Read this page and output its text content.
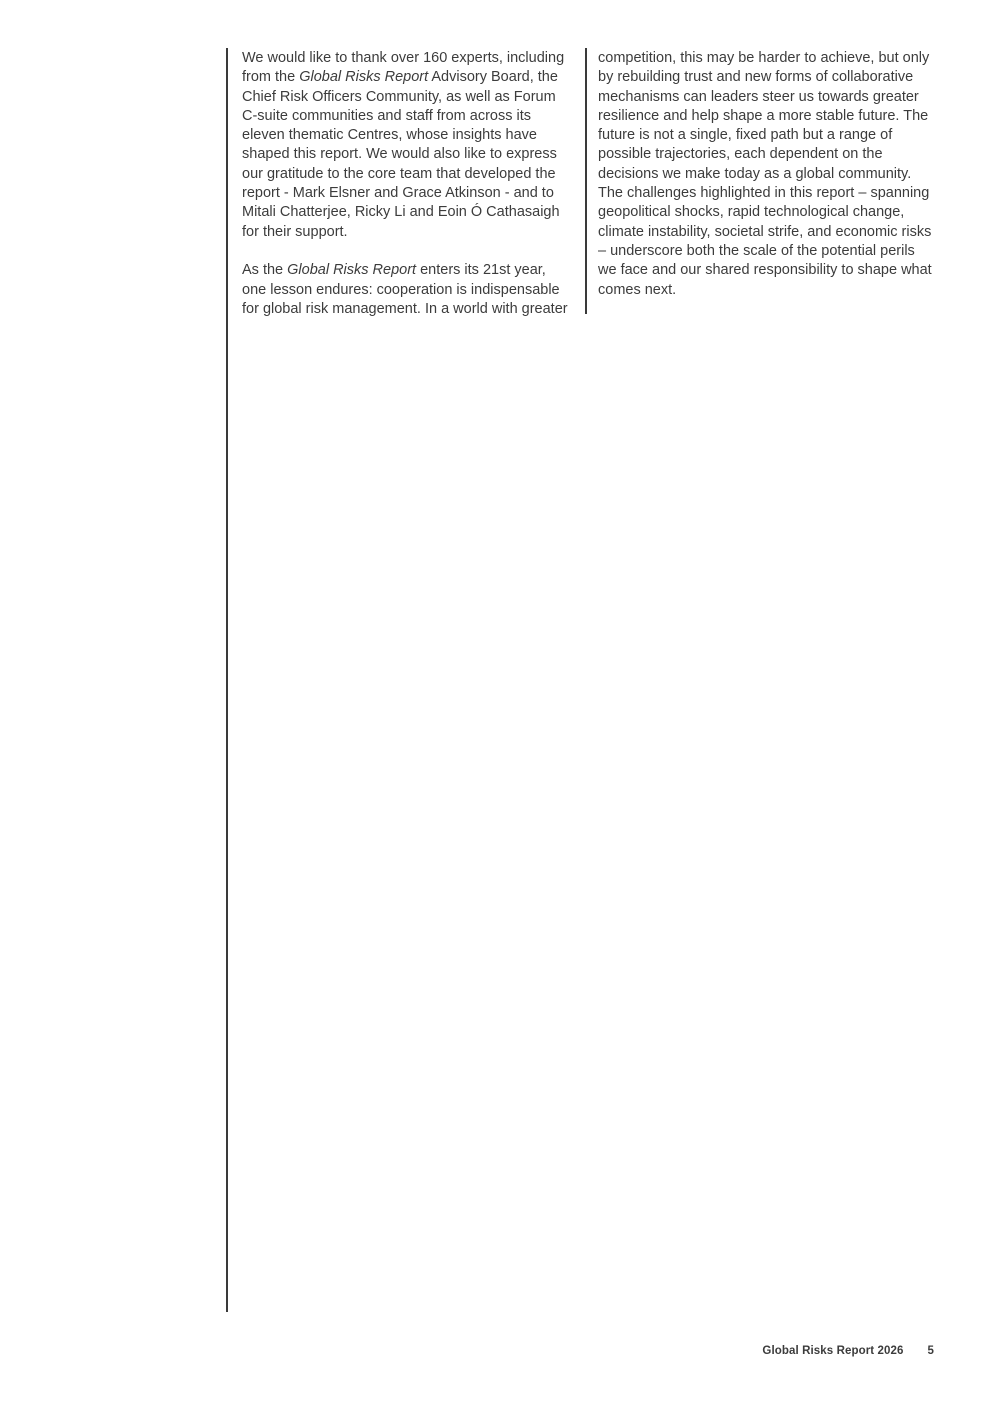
We would like to thank over 160 experts, including from the Global Risks Report Advisory Board, the Chief Risk Officers Community, as well as Forum C-suite communities and staff from across its eleven thematic Centres, whose insights have shaped this report. We would also like to express our gratitude to the core team that developed the report - Mark Elsner and Grace Atkinson - and to Mitali Chatterjee, Ricky Li and Eoin Ó Cathasaigh for their support.

As the Global Risks Report enters its 21st year, one lesson endures: cooperation is indispensable for global risk management. In a world with greater

competition, this may be harder to achieve, but only by rebuilding trust and new forms of collaborative mechanisms can leaders steer us towards greater resilience and help shape a more stable future. The future is not a single, fixed path but a range of possible trajectories, each dependent on the decisions we make today as a global community. The challenges highlighted in this report – spanning geopolitical shocks, rapid technological change, climate instability, societal strife, and economic risks – underscore both the scale of the potential perils we face and our shared responsibility to shape what comes next.

Global Risks Report 2026 5
